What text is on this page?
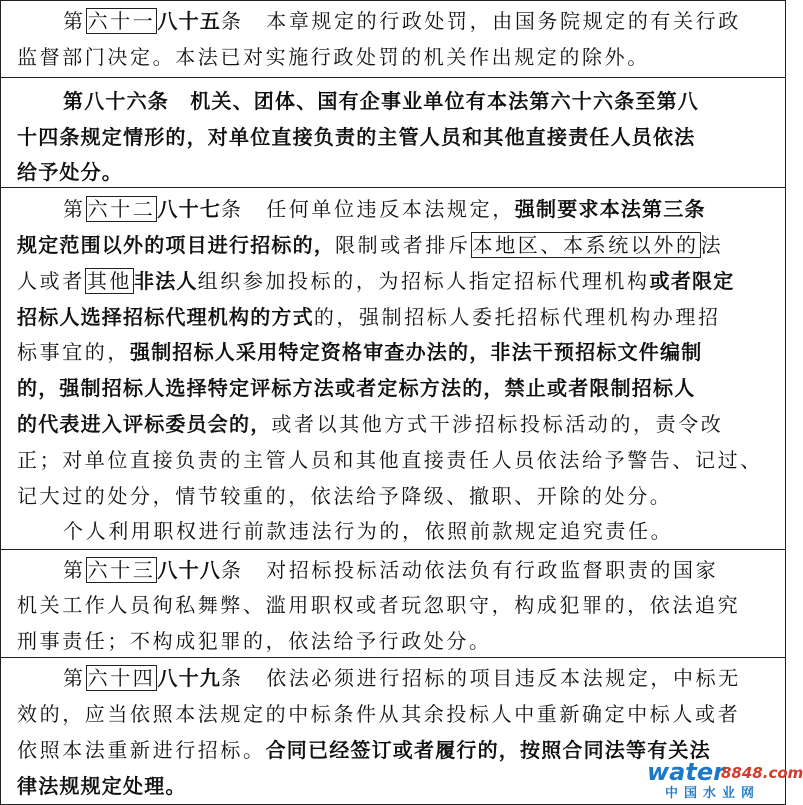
第 六十一 八十五条　本章规定的行政处罚，由国务院规定的有关行政
监督部门决定。本法已对实施行政处罚的机关作出规定的除外。
第八十六条　机关、团体、国有企事业单位有本法第六十六条至第八
十四条规定情形的，对单位直接负责的主管人员和其他直接责任人员依法
给予处分。
第 六十二 八十七条　任何单位违反本法规定，强制要求本法第三条
规定范围以外的项目进行招标的，限制或者排斥 本地区、本系统以外的 法
人或者 其他 非法人组织参加投标的，为招标人指定招标代理机构或者限定
招标人选择招标代理机构的方式的，强制招标人委托招标代理机构办理招
标事宜的，强制招标人采用特定资格审查办法的，非法干预招标文件编制
的，强制招标人选择特定评标方法或者定标方法的，禁止或者限制招标人
的代表进入评标委员会的，或者以其他方式干涉招标投标活动的，责令改
正；对单位直接负责的主管人员和其他直接责任人员依法给予警告、记过、
记大过的处分，情节较重的，依法给予降级、撤职、开除的处分。
个人利用职权进行前款违法行为的，依照前款规定追究责任。
第 六十三 八十八条　对招标投标活动依法负有行政监督职责的国家
机关工作人员徇私舞弊、滥用职权或者玩忽职守，构成犯罪的，依法追究
刑事责任；不构成犯罪的，依法给予行政处分。
第 六十四 八十九条　依法必须进行招标的项目违反本法规定，中标无
效的，应当依照本法规定的中标条件从其余投标人中重新确定中标人或者
依照本法重新进行招标。合同已经签订或者履行的，按照合同法等有关法
律法规规定处理。	water
8848.com
中国水业网
